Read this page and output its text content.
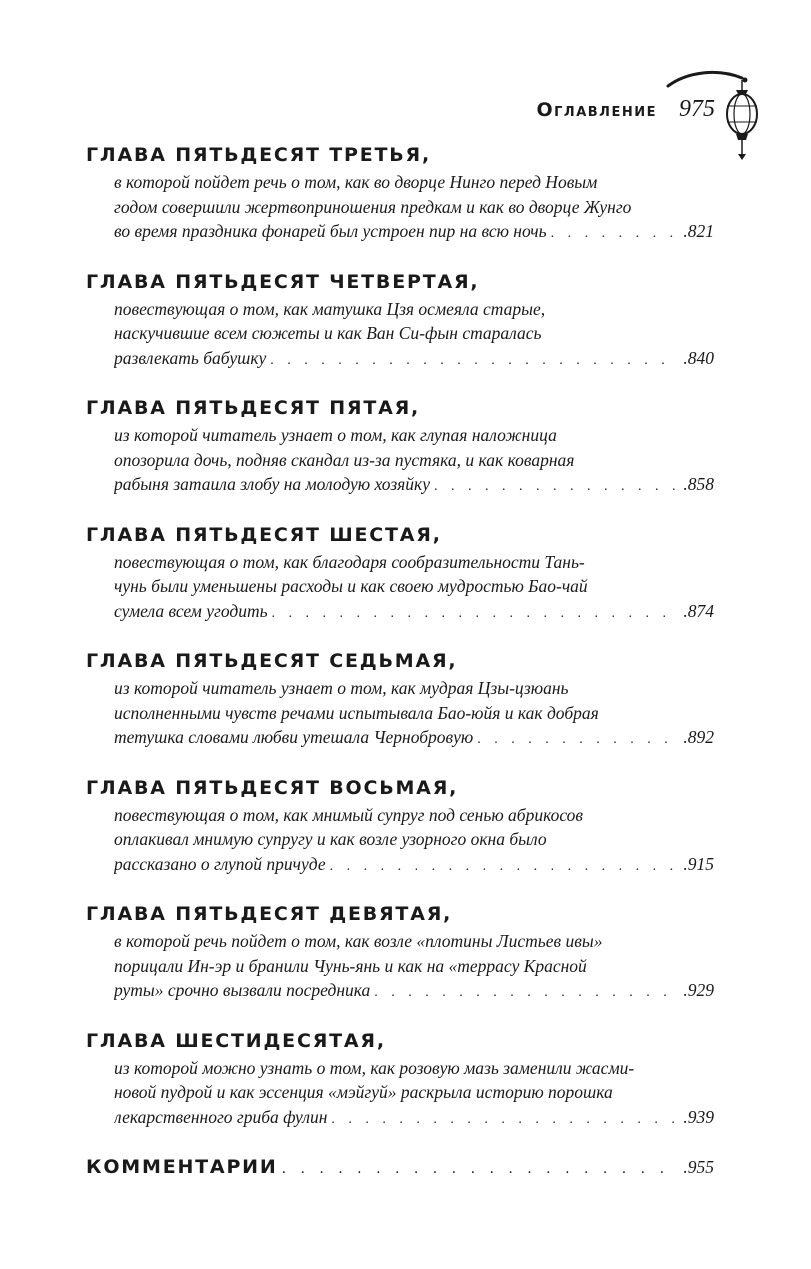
Оглавление 975
ГЛАВА ПЯТЬДЕСЯТ ТРЕТЬЯ,
в которой пойдет речь о том, как во дворце Нинго перед Новым
годом совершили жертвоприношения предкам и как во дворце Жунго
во время праздника фонарей был устроен пир на всю ночь . . .	.821
ГЛАВА ПЯТЬДЕСЯТ ЧЕТВЕРТАЯ,
повествующая о том, как матушка Цзя осмеяла старые,
наскучившие всем сюжеты и как Ван Си-фын старалась
развлекать бабушку . . .	.840
ГЛАВА ПЯТЬДЕСЯТ ПЯТАЯ,
из которой читатель узнает о том, как глупая наложница
опозорила дочь, подняв скандал из-за пустяка, и как коварная
рабыня затаила злобу на молодую хозяйку . . .	.858
ГЛАВА ПЯТЬДЕСЯТ ШЕСТАЯ,
повествующая о том, как благодаря сообразительности Тань-
чунь были уменьшены расходы и как своею мудростью Бао-чай
сумела всем угодить . . .	.874
ГЛАВА ПЯТЬДЕСЯТ СЕДЬМАЯ,
из которой читатель узнает о том, как мудрая Цзы-цзюань
исполненными чувств речами испытывала Бао-юйя и как добрая
тетушка словами любви утешала Чернобровую . . .	.892
ГЛАВА ПЯТЬДЕСЯТ ВОСЬМАЯ,
повествующая о том, как мнимый супруг под сенью абрикосов
оплакивал мнимую супругу и как возле узорного окна было
рассказано о глупой причуде . . .	.915
ГЛАВА ПЯТЬДЕСЯТ ДЕВЯТАЯ,
в которой речь пойдет о том, как возле «плотины Листьев ивы»
порицали Ин-эр и бранили Чунь-янь и как на «террасу Красной
руты» срочно вызвали посредника . . .	.929
ГЛАВА ШЕСТИДЕСЯТАЯ,
из которой можно узнать о том, как розовую мазь заменили жасми-
новой пудрой и как эссенция «мэйгуй» раскрыла историю порошка
лекарственного гриба фулин . . .	.939
КОММЕНТАРИИ . . .	.955
